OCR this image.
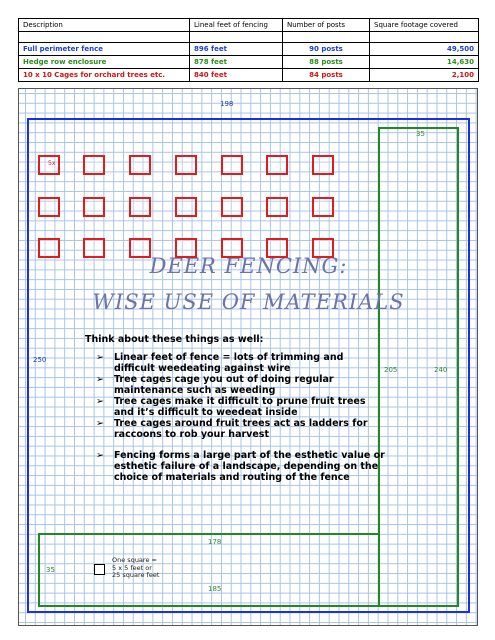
Description	Lineal feet of fencing	Number of posts	Square footage covered

Full perimeter fence	896 feet	90 posts	49,500
Hedge row enclosure	878 feet	88 posts	14,630
10 x 10 Cages for orchard trees etc.	840 feet	84 posts	2,100
198
35
250
205	240
178
35
185
DEER FENCING:
WISE USE OF MATERIALS
Think about these things as well:
➢ Linear feet of fence = lots of trimming and difficult weedeating against wire
➢ Tree cages cage you out of doing regular maintenance such as weeding
➢ Tree cages make it difficult to prune fruit trees and it’s difficult to weedeat inside
➢ Tree cages around fruit trees act as ladders for raccoons to rob your harvest
➢ Fencing forms a large part of the esthetic value or esthetic failure of a landscape, depending on the choice of materials and routing of the fence
One square =
5 x 5 feet or
25 square feet
5x
